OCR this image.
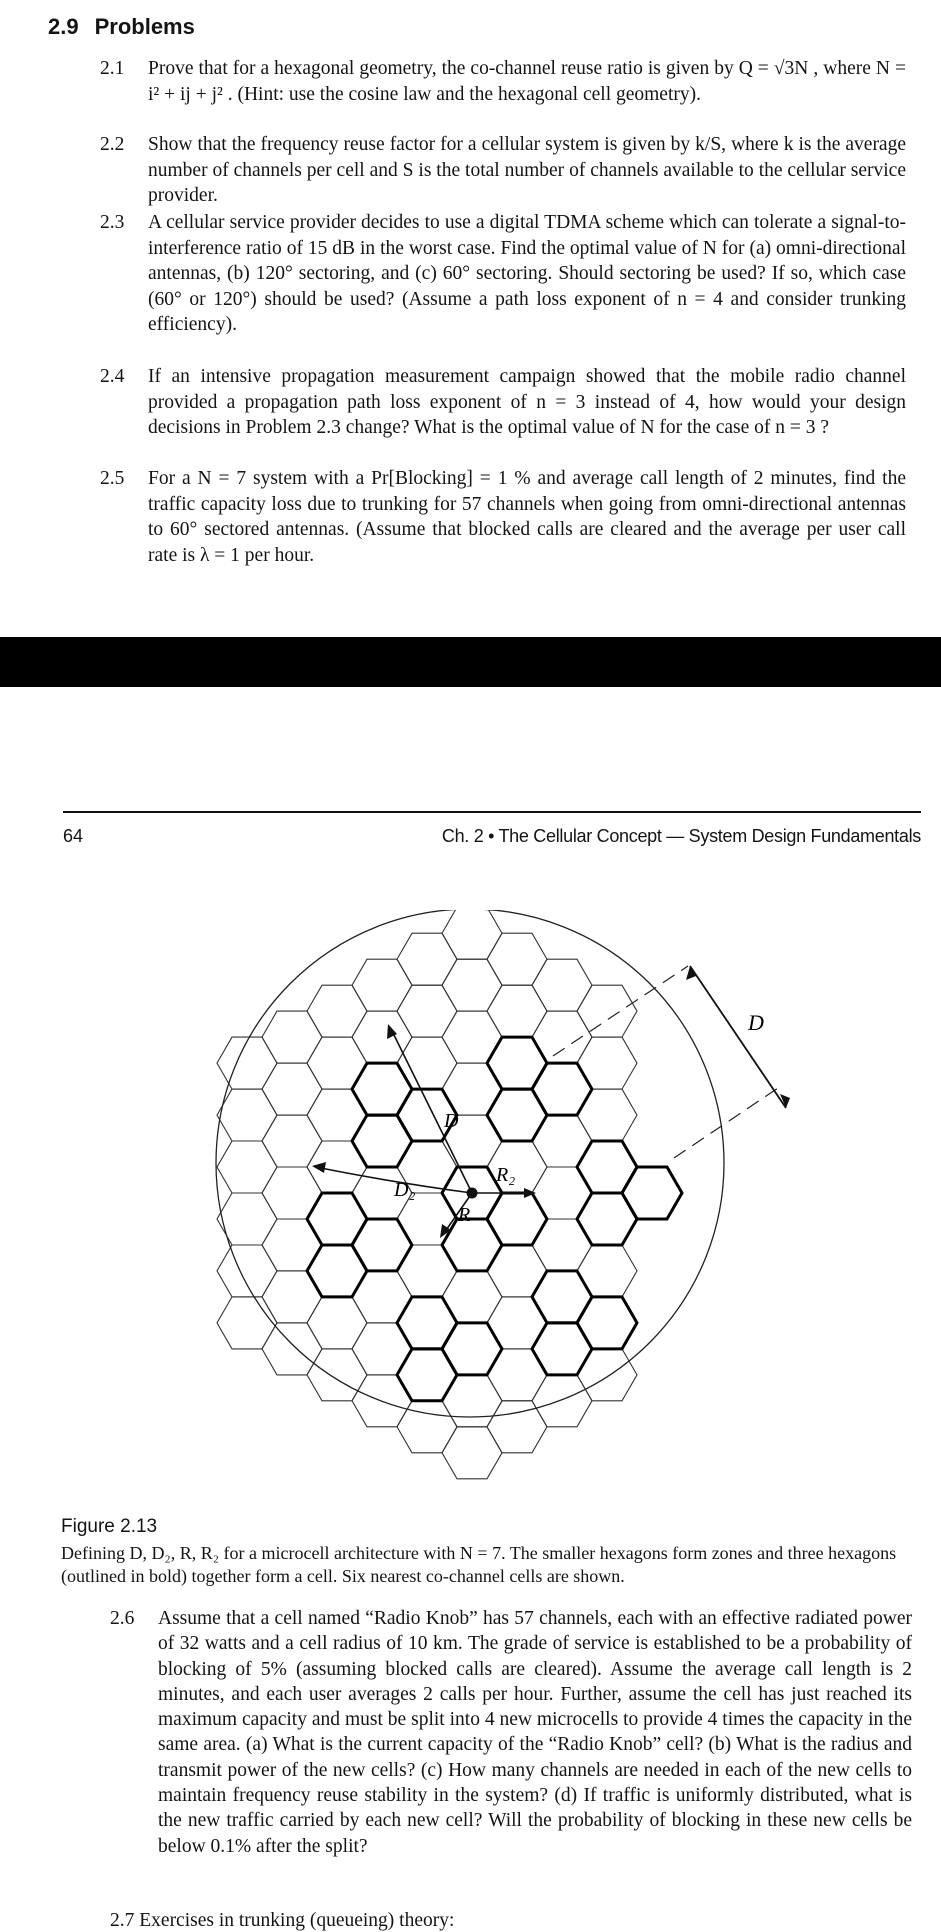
2.9 Problems
2.1	Prove that for a hexagonal geometry, the co-channel reuse ratio is given by Q = √3N , where N = i² + ij + j² . (Hint: use the cosine law and the hexagonal cell geometry).
2.2	Show that the frequency reuse factor for a cellular system is given by k/S, where k is the average number of channels per cell and S is the total number of channels available to the cellular service provider.
2.3	A cellular service provider decides to use a digital TDMA scheme which can tolerate a signal-to-interference ratio of 15 dB in the worst case. Find the optimal value of N for (a) omni-directional antennas, (b) 120° sectoring, and (c) 60° sectoring. Should sectoring be used? If so, which case (60° or 120°) should be used? (Assume a path loss exponent of n = 4 and consider trunking efficiency).
2.4	If an intensive propagation measurement campaign showed that the mobile radio channel provided a propagation path loss exponent of n = 3 instead of 4, how would your design decisions in Problem 2.3 change? What is the optimal value of N for the case of n = 3 ?
2.5	For a N = 7 system with a Pr[Blocking] = 1 % and average call length of 2 minutes, find the traffic capacity loss due to trunking for 57 channels when going from omni-directional antennas to 60° sectored antennas. (Assume that blocked calls are cleared and the average per user call rate is λ = 1 per hour.
64	Ch. 2 • The Cellular Concept — System Design Fundamentals
D
D₂
R
R₂
D
Figure 2.13
Defining D, D₂, R, R₂ for a microcell architecture with N = 7. The smaller hexagons form zones and three hexagons (outlined in bold) together form a cell. Six nearest co-channel cells are shown.
2.6 Assume that a cell named “Radio Knob” has 57 channels, each with an effective radiated power of 32 watts and a cell radius of 10 km. The grade of service is established to be a probability of blocking of 5% (assuming blocked calls are cleared). Assume the average call length is 2 minutes, and each user averages 2 calls per hour. Further, assume the cell has just reached its maximum capacity and must be split into 4 new microcells to provide 4 times the capacity in the same area. (a) What is the current capacity of the “Radio Knob” cell? (b) What is the radius and transmit power of the new cells? (c) How many channels are needed in each of the new cells to maintain frequency reuse stability in the system? (d) If traffic is uniformly distributed, what is the new traffic carried by each new cell? Will the probability of blocking in these new cells be below 0.1% after the split?
2.7 Exercises in trunking (queueing) theory:
